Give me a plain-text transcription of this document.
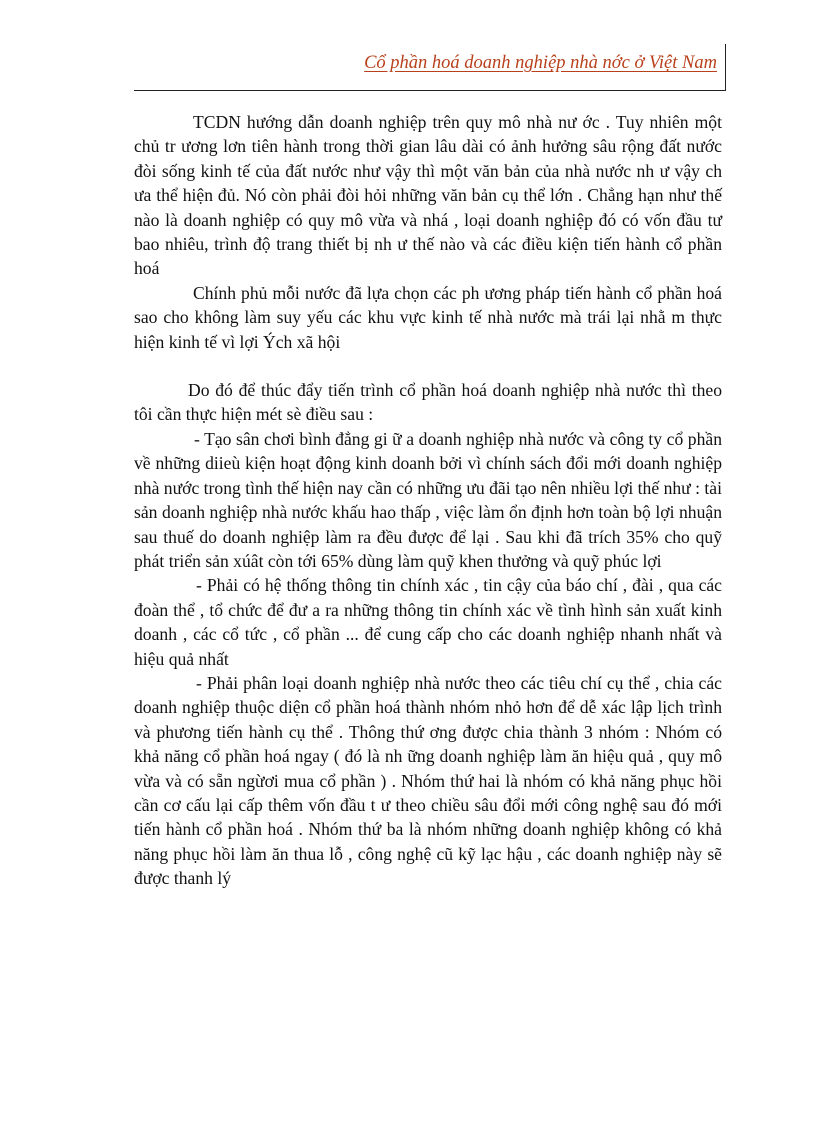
Cổ phần hoá doanh nghiệp nhà nớc ở Việt Nam

TCDN hướng dẫn doanh nghiệp trên quy mô nhà nư ớc . Tuy nhiên một chủ tr ương lơn tiên hành trong thời gian lâu dài có ảnh hưởng sâu rộng đất nước đòi sống kinh tế của đất nước như vậy thì một văn bản của nhà nước nh ư vậy ch ưa thể hiện đủ. Nó còn phải đòi hỏi những văn bản cụ thể lớn . Chẳng hạn như thế nào là doanh nghiệp có quy mô vừa và nhá , loại doanh nghiệp đó có vốn đầu tư bao nhiêu, trình độ trang thiết bị nh ư thế nào và các điều kiện tiến hành cổ phần hoá

Chính phủ mỗi nước đã lựa chọn các ph ương pháp tiến hành cổ phần hoá sao cho không làm suy yếu các khu vực kinh tế nhà nước mà trái lại nhằ m thực hiện kinh tế vì lợi Ých xã hội

Do đó để thúc đẩy tiến trình cổ phần hoá doanh nghiệp nhà nước thì theo tôi cần thực hiện mét sè điều sau :

- Tạo sân chơi bình đẳng gi ữ a doanh nghiệp nhà nước và công ty cổ phần về những diieù kiện hoạt động kinh doanh bởi vì chính sách đổi mới doanh nghiệp nhà nước trong tình thế hiện nay cần có những ưu đãi tạo nên nhiều lợi thế như : tài sản doanh nghiệp nhà nước khấu hao thấp , việc làm ổn định hơn toàn bộ lợi nhuận sau thuế do doanh nghiệp làm ra đều được để lại . Sau khi đã trích 35% cho quỹ phát triển sản xúât còn tới 65% dùng làm quỹ khen thưởng và quỹ phúc lợi

- Phải có hệ thống thông tin chính xác , tin cậy của báo chí , đài , qua các đoàn thể , tổ chức để đư a ra những thông tin chính xác về tình hình sản xuất kinh doanh , các cổ tức , cổ phần ... để cung cấp cho các doanh nghiệp nhanh nhất và hiệu quả nhất

- Phải phân loại doanh nghiệp nhà nước theo các tiêu chí cụ thể , chia các doanh nghiệp thuộc diện cổ phần hoá thành nhóm nhỏ hơn để dễ xác lập lịch trình và phương tiến hành cụ thể . Thông thứ ơng được chia thành 3 nhóm : Nhóm có khả năng cổ phần hoá ngay ( đó là nh ững doanh nghiệp làm ăn hiệu quả , quy mô vừa và có sẵn ngừơi mua cổ phần ) . Nhóm thứ hai là nhóm có khả năng phục hồi cần cơ cấu lại cấp thêm vốn đầu t ư theo chiều sâu đổi mới công nghệ sau đó mới tiến hành cổ phần hoá . Nhóm thứ ba là nhóm những doanh nghiệp không có khả năng phục hồi làm ăn thua lỗ , công nghệ cũ kỹ lạc hậu , các doanh nghiệp này sẽ được thanh lý
